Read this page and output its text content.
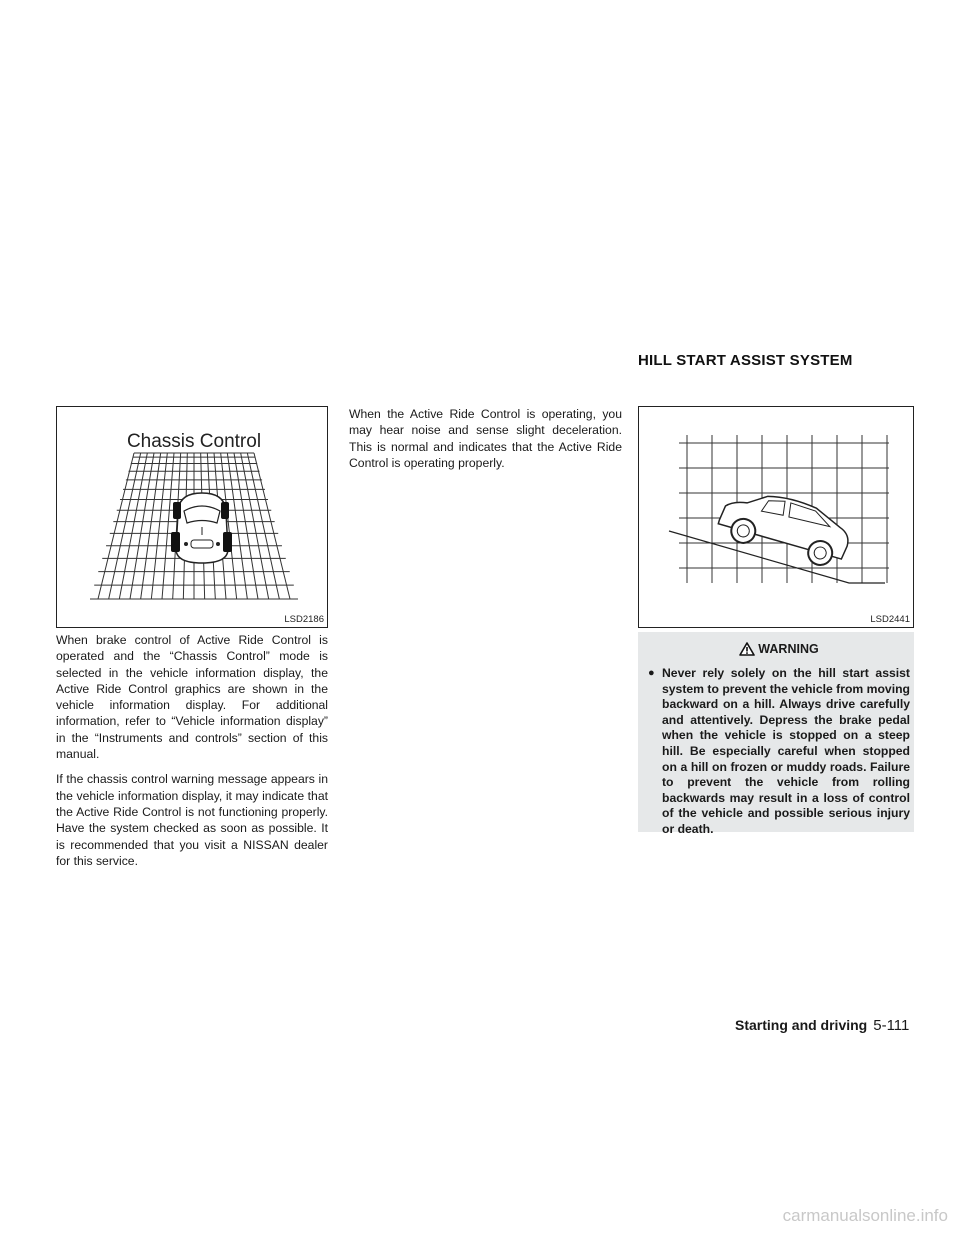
HILL START ASSIST SYSTEM
Chassis Control
LSD2186	LSD2441

When brake control of Active Ride Control is operated and the “Chassis Control” mode is selected in the vehicle information display, the Active Ride Control graphics are shown in the vehicle information display. For additional information, refer to “Vehicle information display” in the “Instruments and controls” section of this manual.

If the chassis control warning message appears in the vehicle information display, it may indicate that the Active Ride Control is not functioning properly. Have the system checked as soon as possible. It is recommended that you visit a NISSAN dealer for this service.

When the Active Ride Control is operating, you may hear noise and sense slight deceleration. This is normal and indicates that the Active Ride Control is operating properly.

WARNING
● Never rely solely on the hill start assist system to prevent the vehicle from moving backward on a hill. Always drive carefully and attentively. Depress the brake pedal when the vehicle is stopped on a steep hill. Be especially careful when stopped on a hill on frozen or muddy roads. Failure to prevent the vehicle from rolling backwards may result in a loss of control of the vehicle and possible serious injury or death.
Starting and driving 5-111
carmanualsonline.info
